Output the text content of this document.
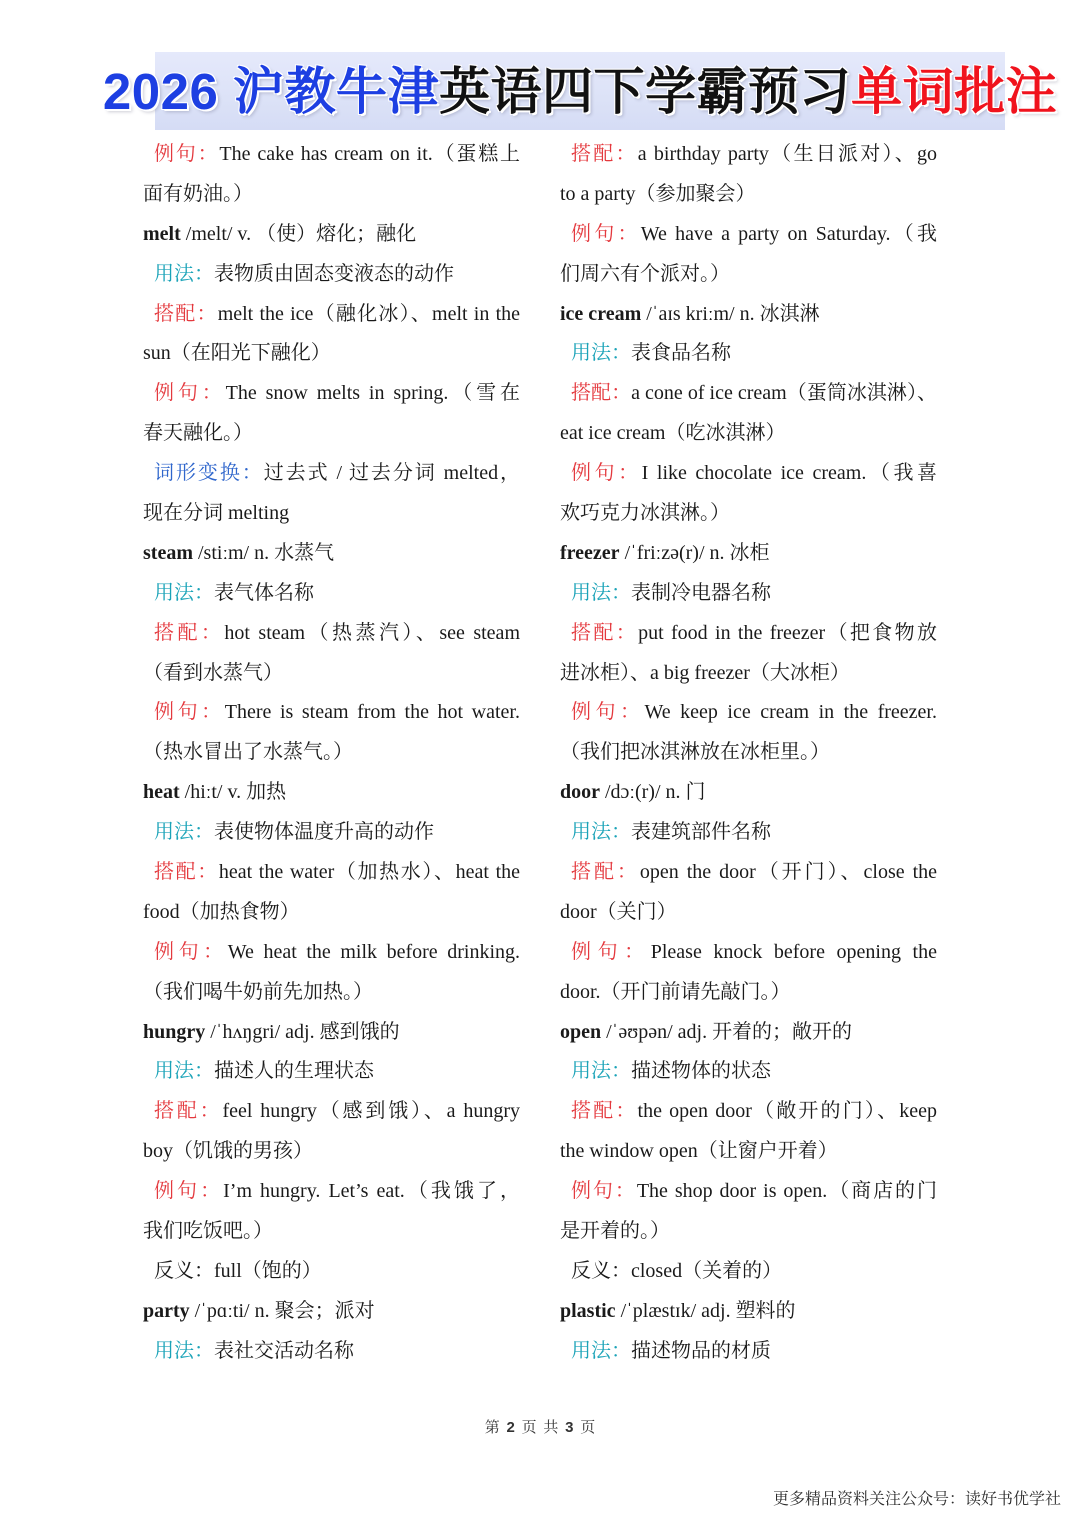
2026 沪教牛津英语四下学霸预习单词批注
例句：The cake has cream on it.（蛋糕上
面有奶油。）
melt /melt/ v. （使）熔化；融化
用法：表物质由固态变液态的动作
搭配：melt the ice（融化冰）、melt in the
sun（在阳光下融化）
例句：The snow melts in spring.（雪在
春天融化。）
词形变换：过去式 / 过去分词 melted，
现在分词 melting
steam /stiːm/ n. 水蒸气
用法：表气体名称
搭配：hot steam（热蒸汽）、see steam
（看到水蒸气）
例句：There is steam from the hot water.
（热水冒出了水蒸气。）
heat /hiːt/ v. 加热
用法：表使物体温度升高的动作
搭配：heat the water（加热水）、heat the
food（加热食物）
例句：We heat the milk before drinking.
（我们喝牛奶前先加热。）
hungry /ˈhʌŋgri/ adj. 感到饿的
用法：描述人的生理状态
搭配：feel hungry（感到饿）、a hungry
boy（饥饿的男孩）
例句：I’m hungry. Let’s eat.（我饿了，
我们吃饭吧。）
反义：full（饱的）
party /ˈpɑːti/ n. 聚会；派对
用法：表社交活动名称
搭配：a birthday party（生日派对）、go
to a party（参加聚会）
例句：We have a party on Saturday.（我
们周六有个派对。）
ice cream /ˈaɪs kriːm/ n. 冰淇淋
用法：表食品名称
搭配：a cone of ice cream（蛋筒冰淇淋）、
eat ice cream（吃冰淇淋）
例句：I like chocolate ice cream.（我喜
欢巧克力冰淇淋。）
freezer /ˈfriːzə(r)/ n. 冰柜
用法：表制冷电器名称
搭配：put food in the freezer（把食物放
进冰柜）、a big freezer（大冰柜）
例句：We keep ice cream in the freezer.
（我们把冰淇淋放在冰柜里。）
door /dɔː(r)/ n. 门
用法：表建筑部件名称
搭配：open the door（开门）、close the
door（关门）
例句：Please knock before opening the
door.（开门前请先敲门。）
open /ˈəʊpən/ adj. 开着的；敞开的
用法：描述物体的状态
搭配：the open door（敞开的门）、keep
the window open（让窗户开着）
例句：The shop door is open.（商店的门
是开着的。）
反义：closed（关着的）
plastic /ˈplæstɪk/ adj. 塑料的
用法：描述物品的材质
第 2 页 共 3 页
更多精品资料关注公众号：读好书优学社
